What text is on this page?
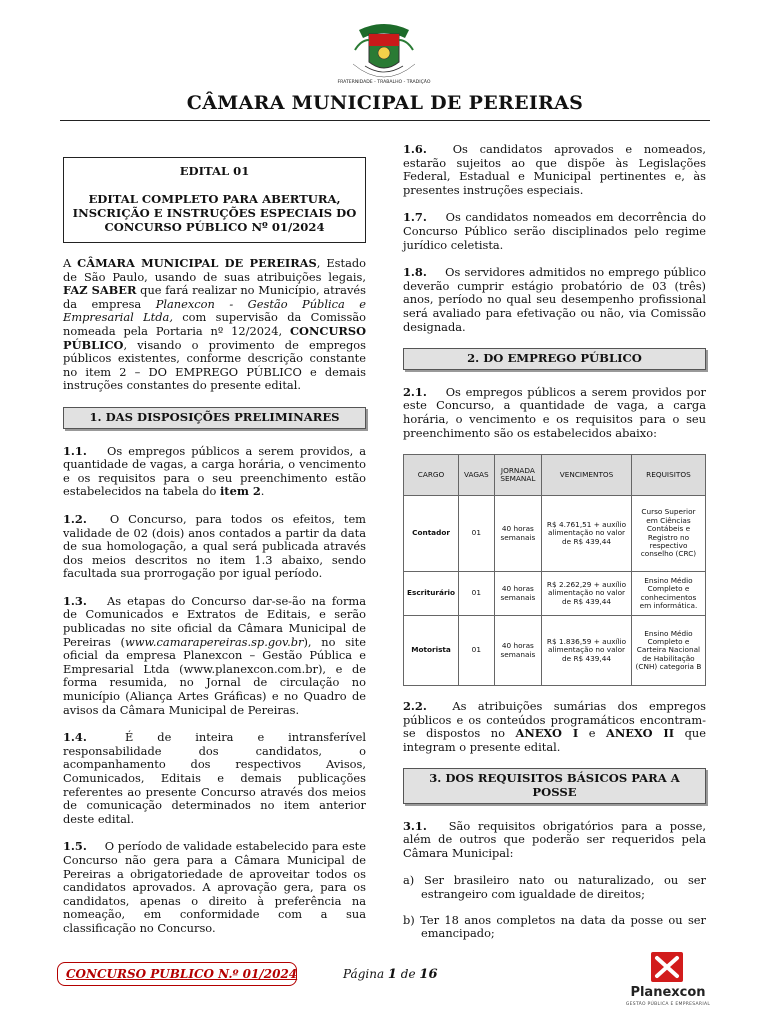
FRATERNIDADE - TRABALHO - TRADIÇÃO
CÂMARA MUNICIPAL DE PEREIRAS
EDITAL 01
EDITAL COMPLETO PARA ABERTURA, INSCRIÇÃO E INSTRUÇÕES ESPECIAIS DO CONCURSO PÚBLICO Nº 01/2024

A CÂMARA MUNICIPAL DE PEREIRAS, Estado de São Paulo, usando de suas atribuições legais, FAZ SABER que fará realizar no Município, através da empresa Planexcon - Gestão Pública e Empresarial Ltda, com supervisão da Comissão nomeada pela Portaria nº 12/2024, CONCURSO PÚBLICO, visando o provimento de empregos públicos existentes, conforme descrição constante no item 2 – DO EMPREGO PÚBLICO e demais instruções constantes do presente edital.

1. DAS DISPOSIÇÕES PRELIMINARES

1.1. Os empregos públicos a serem providos, a quantidade de vagas, a carga horária, o vencimento e os requisitos para o seu preenchimento estão estabelecidos na tabela do item 2.

1.2. O Concurso, para todos os efeitos, tem validade de 02 (dois) anos contados a partir da data de sua homologação, a qual será publicada através dos meios descritos no item 1.3 abaixo, sendo facultada sua prorrogação por igual período.

1.3. As etapas do Concurso dar-se-ão na forma de Comunicados e Extratos de Editais, e serão publicadas no site oficial da Câmara Municipal de Pereiras (www.camarapereiras.sp.gov.br), no site oficial da empresa Planexcon – Gestão Pública e Empresarial Ltda (www.planexcon.com.br), e de forma resumida, no Jornal de circulação no município (Aliança Artes Gráficas) e no Quadro de avisos da Câmara Municipal de Pereiras.

1.4.	É de inteira e intransferível responsabilidade dos candidatos, o acompanhamento dos respectivos Avisos, Comunicados, Editais e demais publicações referentes ao presente Concurso através dos meios de comunicação determinados no item anterior deste edital.

1.5. O período de validade estabelecido para este Concurso não gera para a Câmara Municipal de Pereiras a obrigatoriedade de aproveitar todos os candidatos aprovados. A aprovação gera, para os candidatos, apenas o direito à preferência na nomeação, em conformidade com a sua classificação no Concurso.

1.6. Os candidatos aprovados e nomeados, estarão sujeitos ao que dispõe às Legislações Federal, Estadual e Municipal pertinentes e, às presentes instruções especiais.

1.7. Os candidatos nomeados em decorrência do Concurso Público serão disciplinados pelo regime jurídico celetista.

1.8. Os servidores admitidos no emprego público deverão cumprir estágio probatório de 03 (três) anos, período no qual seu desempenho profissional será avaliado para efetivação ou não, via Comissão designada.

2. DO EMPREGO PÚBLICO

2.1. Os empregos públicos a serem providos por este Concurso, a quantidade de vaga, a carga horária, o vencimento e os requisitos para o seu preenchimento são os estabelecidos abaixo:

CARGO	VAGAS	JORNADA SEMANAL	VENCIMENTOS	REQUISITOS
Contador	01	40 horas semanais	R$ 4.761,51 + auxílio alimentação no valor de R$ 439,44	Curso Superior em Ciências Contábeis e Registro no respectivo conselho (CRC)
Escriturário	01	40 horas semanais	R$ 2.262,29 + auxílio alimentação no valor de R$ 439,44	Ensino Médio Completo e conhecimentos em informática.
Motorista	01	40 horas semanais	R$ 1.836,59 + auxílio alimentação no valor de R$ 439,44	Ensino Médio Completo e Carteira Nacional de Habilitação (CNH) categoria B

2.2. As atribuições sumárias dos empregos públicos e os conteúdos programáticos encontram-se dispostos no ANEXO I e ANEXO II que integram o presente edital.

3. DOS REQUISITOS BÁSICOS PARA A POSSE

3.1. São requisitos obrigatórios para a posse, além de outros que poderão ser requeridos pela Câmara Municipal:

a) Ser brasileiro nato ou naturalizado, ou ser estrangeiro com igualdade de direitos;
b) Ter 18 anos completos na data da posse ou ser emancipado;
CONCURSO PUBLICO N.º 01/2024	Página 1 de 16
Planexcon
GESTÃO PÚBLICA E EMPRESARIAL
